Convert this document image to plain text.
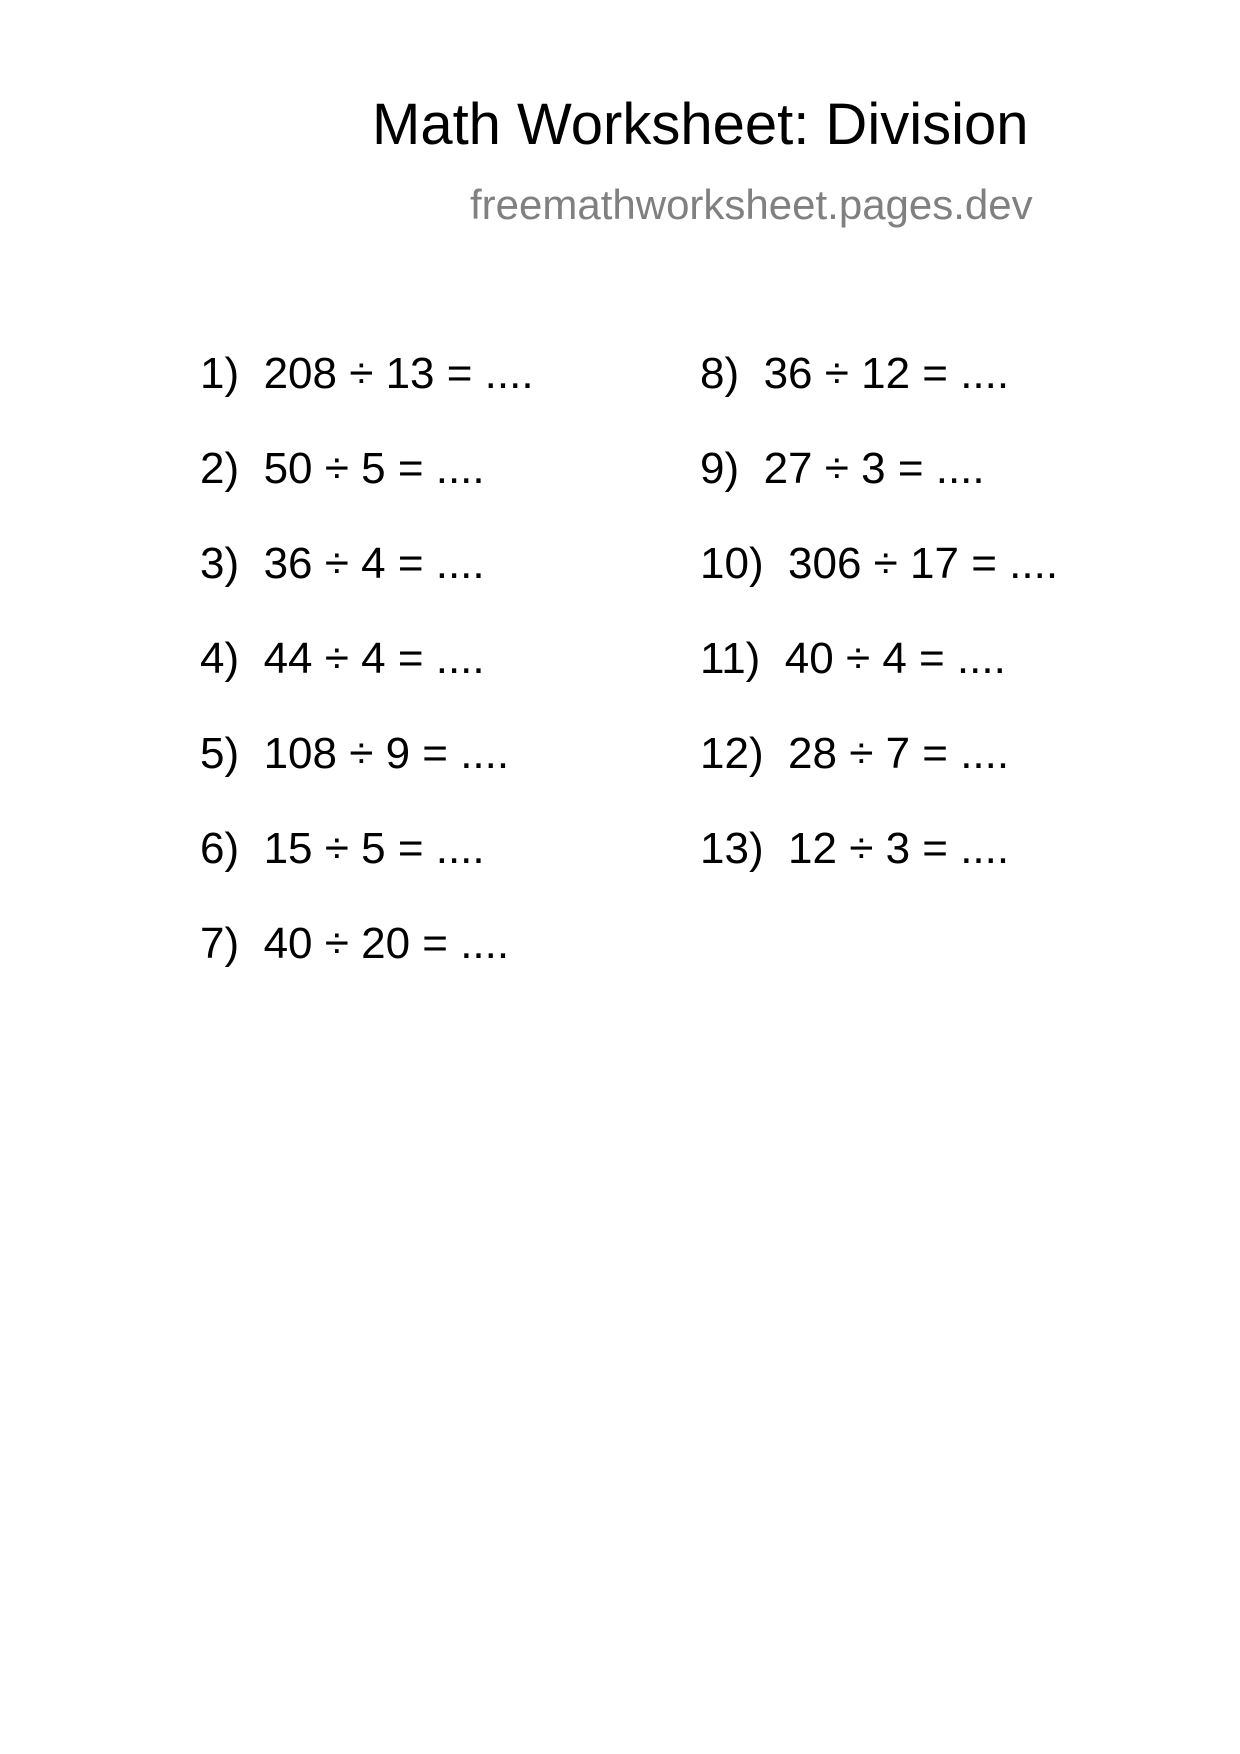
Math Worksheet: Division
freemathworksheet.pages.dev
1) 208 ÷ 13 = ....
2) 50 ÷ 5 = ....
3) 36 ÷ 4 = ....
4) 44 ÷ 4 = ....
5) 108 ÷ 9 = ....
6) 15 ÷ 5 = ....
7) 40 ÷ 20 = ....
8) 36 ÷ 12 = ....
9) 27 ÷ 3 = ....
10) 306 ÷ 17 = ....
11) 40 ÷ 4 = ....
12) 28 ÷ 7 = ....
13) 12 ÷ 3 = ....
